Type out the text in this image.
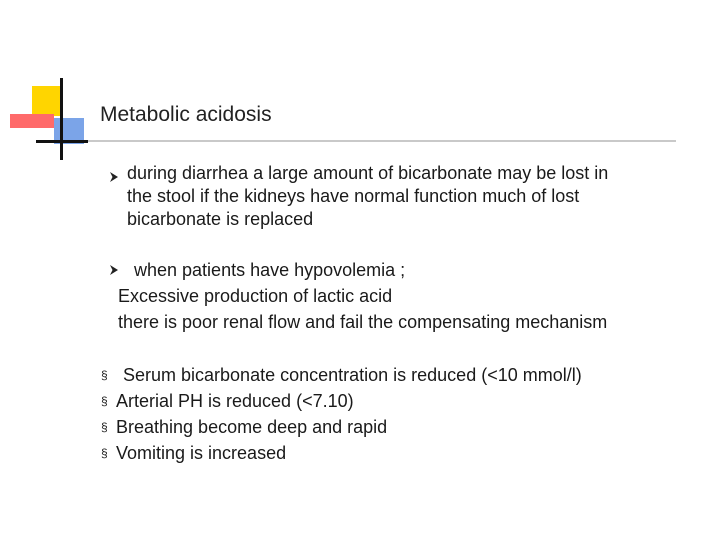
Metabolic acidosis
during diarrhea a large amount of bicarbonate may be lost in
the stool if the kidneys have normal function much of lost
bicarbonate is replaced
when patients have hypovolemia ;
Excessive production of lactic acid
there is poor renal flow and fail the compensating mechanism
§ Serum bicarbonate concentration is reduced (<10 mmol/l)
§ Arterial PH is reduced (<7.10)
§ Breathing become deep and rapid
§ Vomiting is increased
